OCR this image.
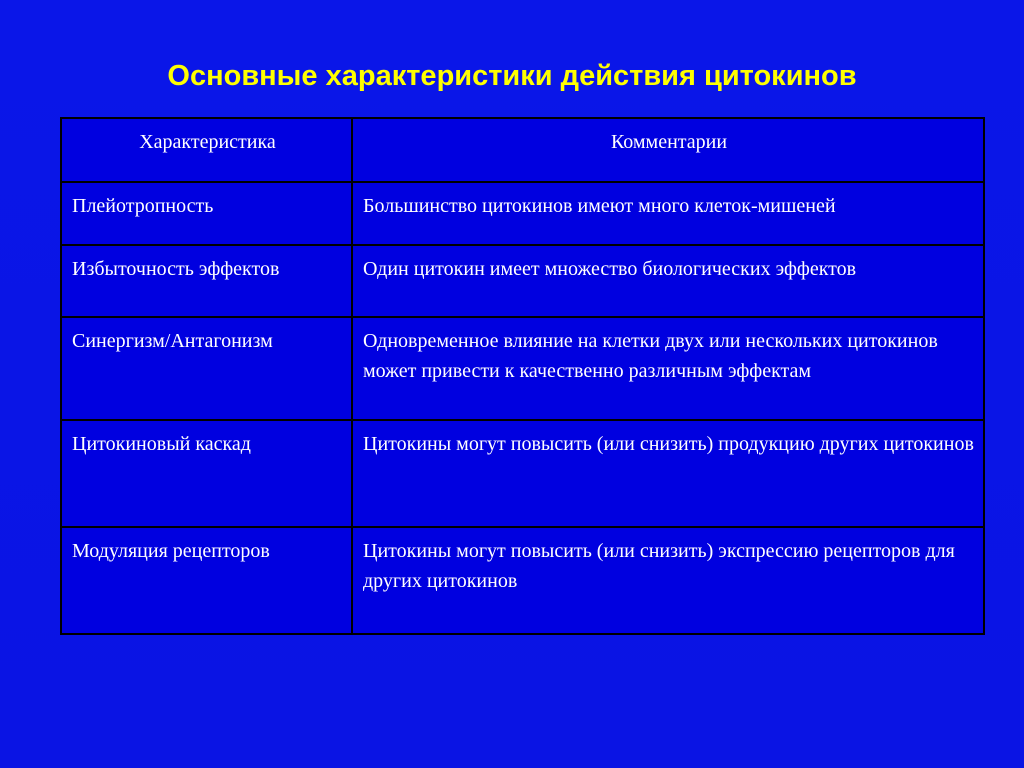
Основные характеристики действия цитокинов
Характеристика	Комментарии
Плейотропность	Большинство цитокинов имеют много клеток-мишеней
Избыточность эффектов	Один цитокин имеет множество биологических эффектов
Синергизм/Антагонизм	Одновременное влияние на клетки двух или нескольких цитокинов может привести к качественно различным эффектам
Цитокиновый каскад	Цитокины могут повысить (или снизить) продукцию других цитокинов
Модуляция рецепторов	Цитокины могут повысить (или снизить) экспрессию рецепторов для других цитокинов
